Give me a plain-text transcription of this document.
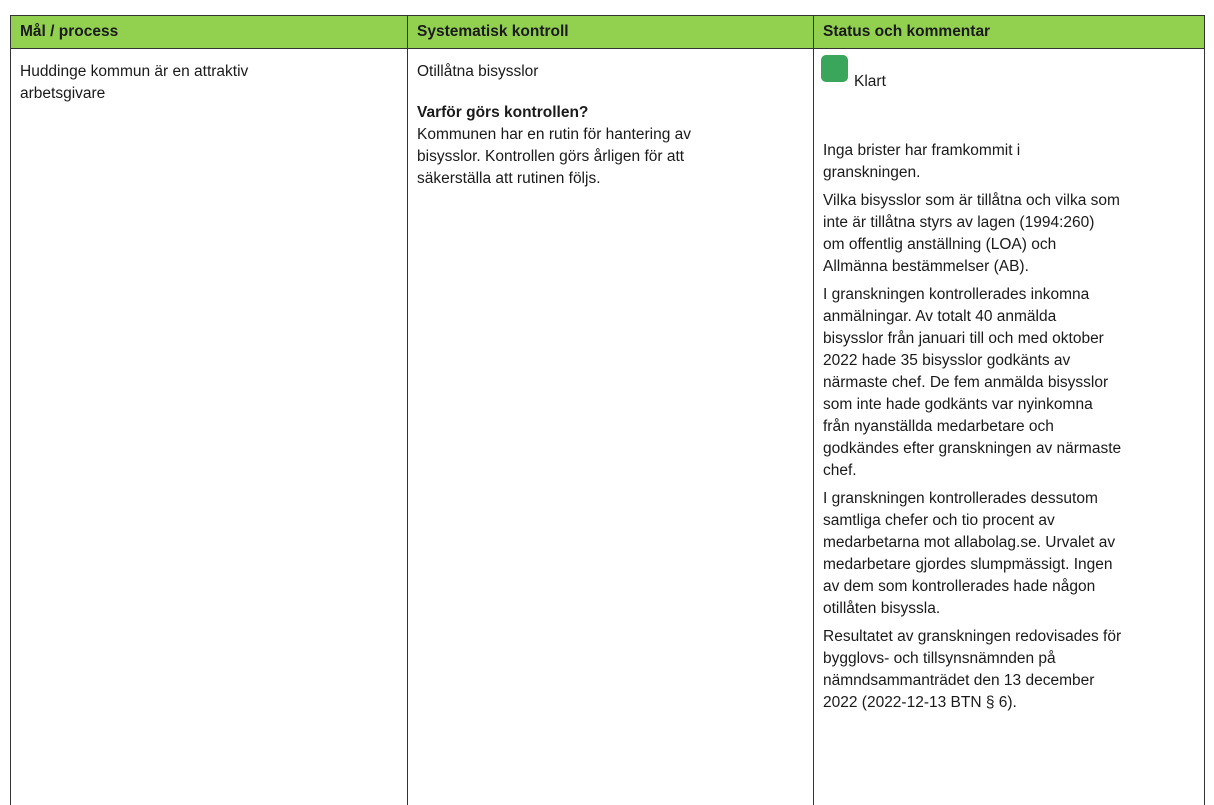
Mål / process	Systematisk kontroll	Status och kommentar

Huddinge kommun är en attraktiv

arbetsgivare

Otillåtna bisysslor

Varför görs kontrollen?

Kommunen har en rutin för hantering av

bisysslor. Kontrollen görs årligen för att

säkerställa att rutinen följs.

Klart

Inga brister har framkommit i

granskningen.

Vilka bisysslor som är tillåtna och vilka som

inte är tillåtna styrs av lagen (1994:260)

om offentlig anställning (LOA) och

Allmänna bestämmelser (AB).

I granskningen kontrollerades inkomna

anmälningar. Av totalt 40 anmälda

bisysslor från januari till och med oktober

2022 hade 35 bisysslor godkänts av

närmaste chef. De fem anmälda bisysslor

som inte hade godkänts var nyinkomna

från nyanställda medarbetare och

godkändes efter granskningen av närmaste

chef.

I granskningen kontrollerades dessutom

samtliga chefer och tio procent av

medarbetarna mot allabolag.se. Urvalet av

medarbetare gjordes slumpmässigt. Ingen

av dem som kontrollerades hade någon

otillåten bisyssla.

Resultatet av granskningen redovisades för

bygglovs- och tillsynsnämnden på

nämndsammanträdet den 13 december

2022 (2022-12-13 BTN § 6).
